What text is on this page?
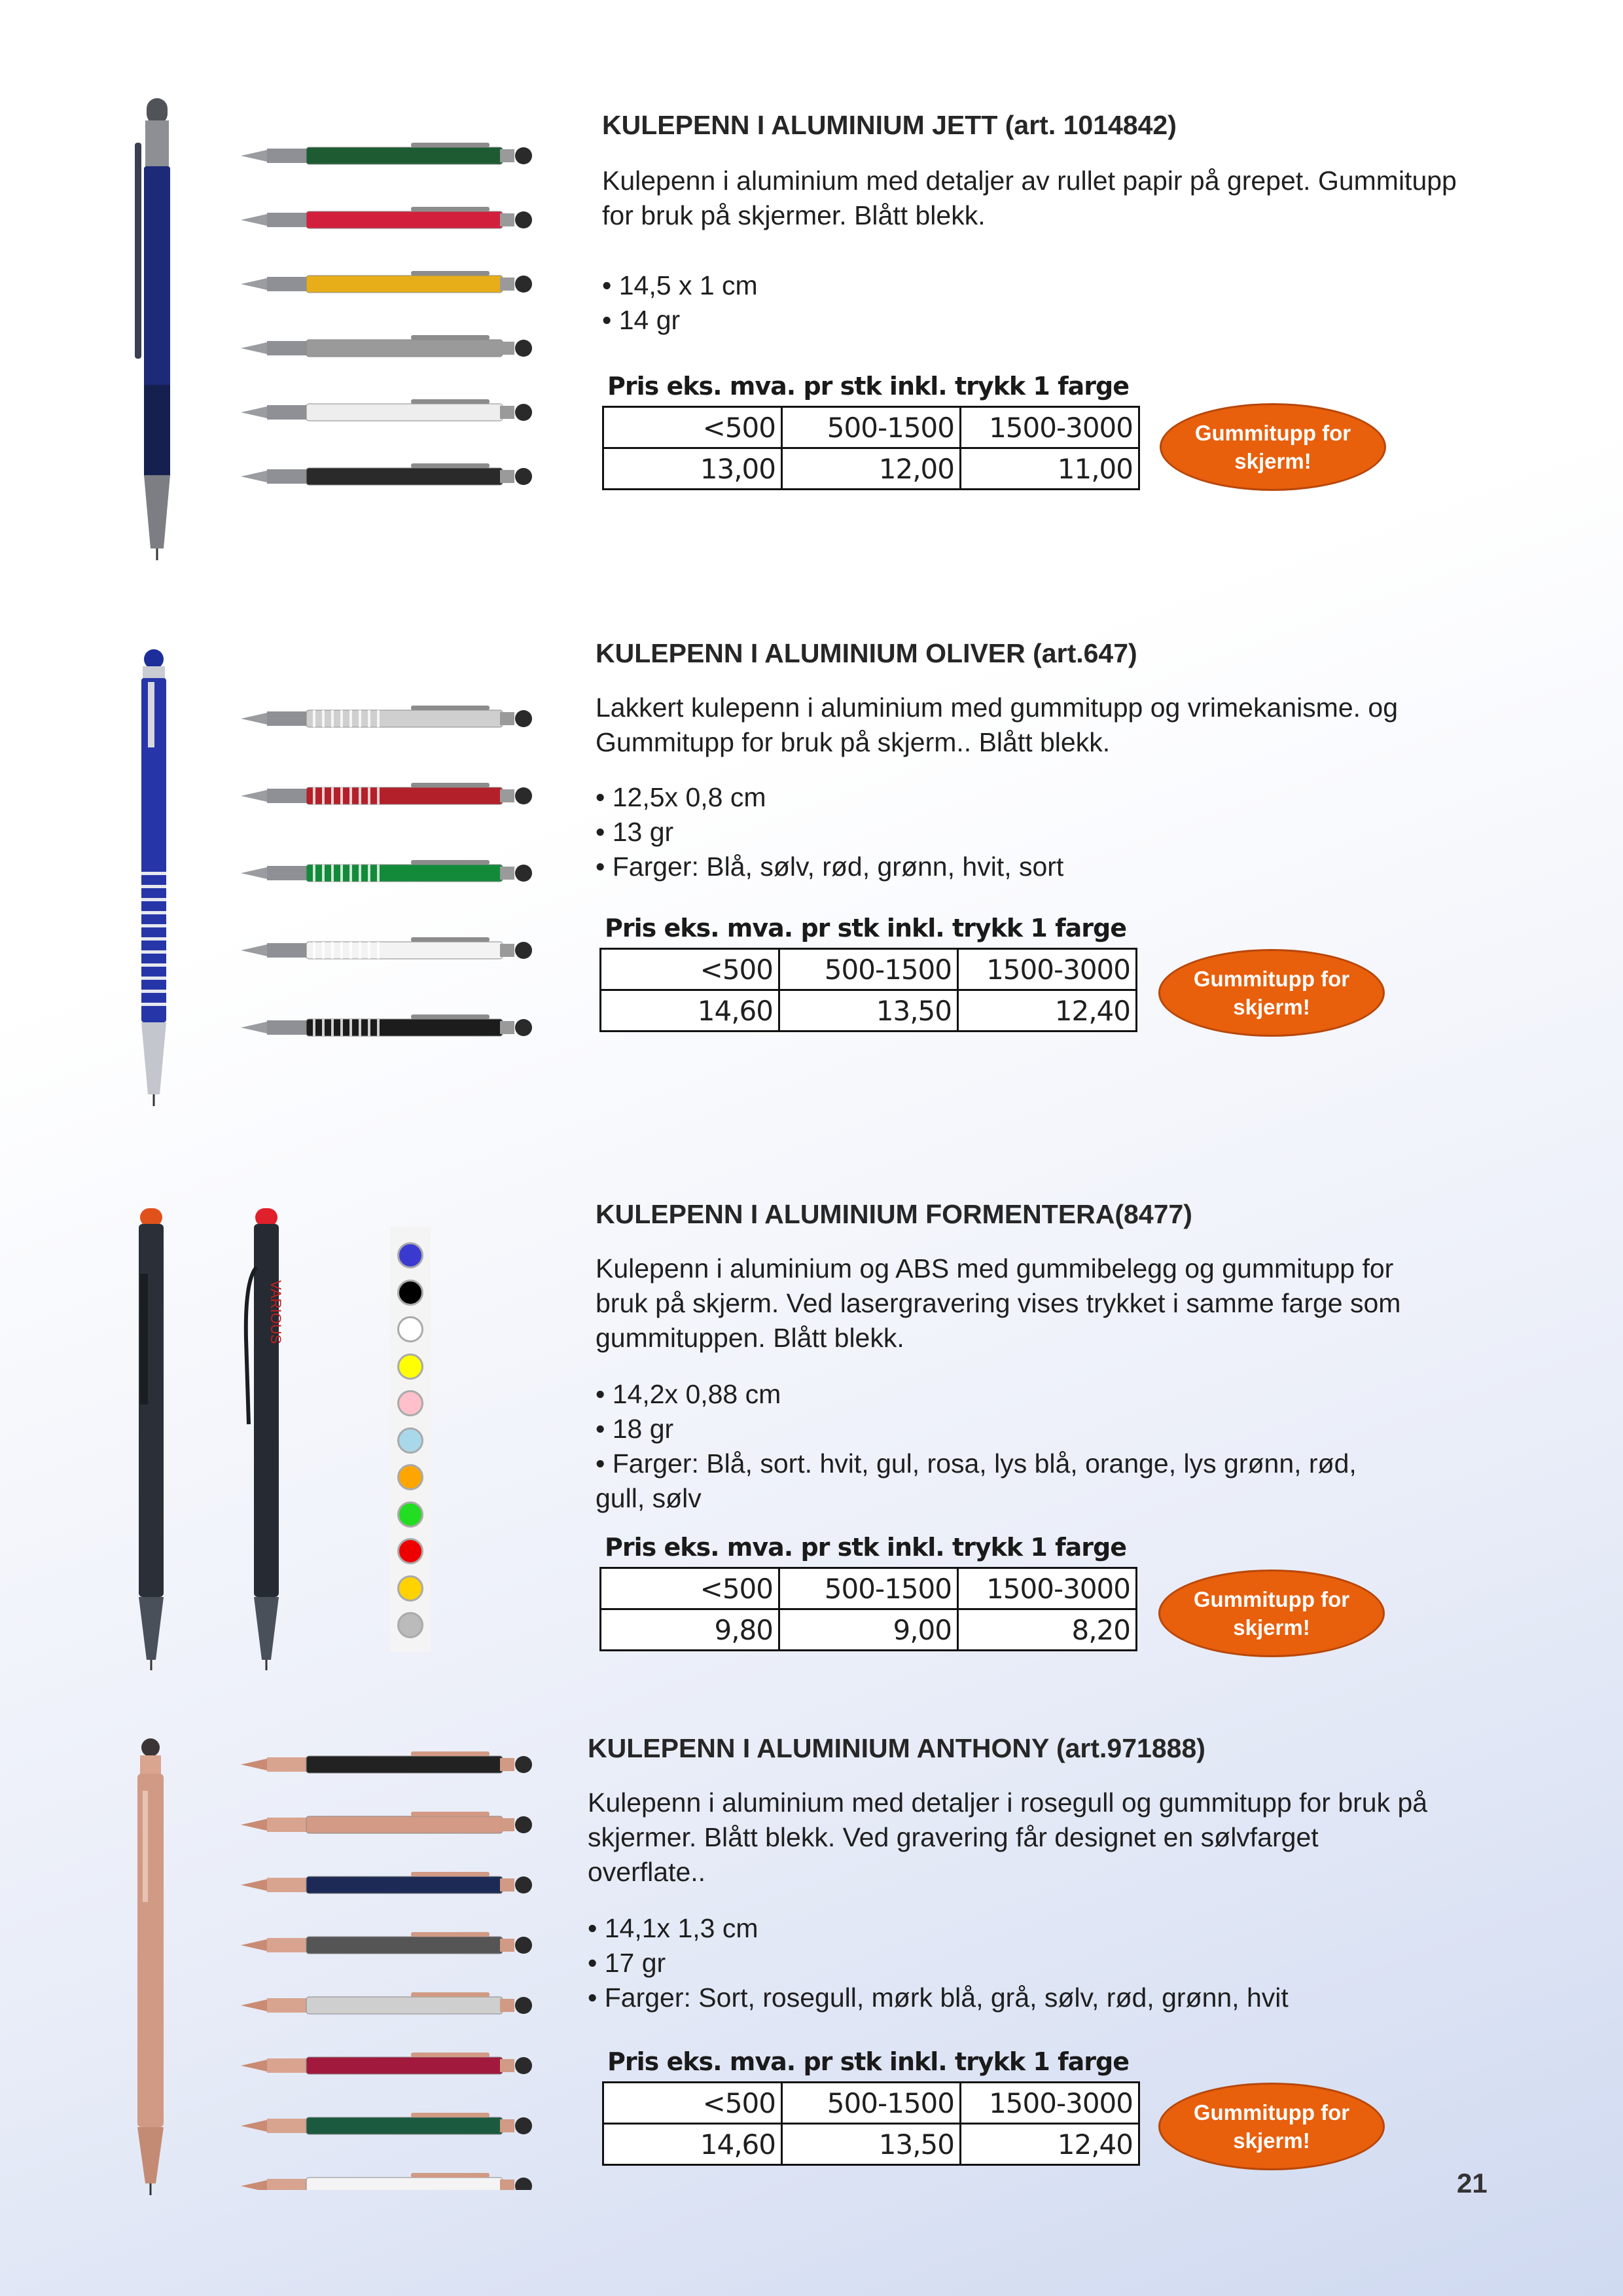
KULEPENN I ALUMINIUM JETT (art. 1014842)
Kulepenn i aluminium med detaljer av rullet papir på grepet. Gummitupp
for bruk på skjermer. Blått blekk.
• 14,5 x 1 cm
• 14 gr
Pris eks. mva. pr stk inkl. trykk 1 farge
<500	500-1500	1500-3000
13,00	12,00	11,00
Gummitupp for skjerm!
KULEPENN I ALUMINIUM OLIVER (art.647)
Lakkert kulepenn i aluminium med gummitupp og vrimekanisme. og
Gummitupp for bruk på skjerm.. Blått blekk.
• 12,5x 0,8 cm
• 13 gr
• Farger: Blå, sølv, rød, grønn, hvit, sort
Pris eks. mva. pr stk inkl. trykk 1 farge
<500	500-1500	1500-3000
14,60	13,50	12,40
Gummitupp for skjerm!
VARIOUS
KULEPENN I ALUMINIUM FORMENTERA(8477)
Kulepenn i aluminium og ABS med gummibelegg og gummitupp for
bruk på skjerm. Ved lasergravering vises trykket i samme farge som
gummituppen. Blått blekk.
• 14,2x 0,88 cm
• 18 gr
• Farger: Blå, sort. hvit, gul, rosa, lys blå, orange, lys grønn, rød,
gull, sølv
Pris eks. mva. pr stk inkl. trykk 1 farge
<500	500-1500	1500-3000
9,80	9,00	8,20
Gummitupp for skjerm!
KULEPENN I ALUMINIUM ANTHONY (art.971888)
Kulepenn i aluminium med detaljer i rosegull og gummitupp for bruk på
skjermer. Blått blekk. Ved gravering får designet en sølvfarget
overflate..
• 14,1x 1,3 cm
• 17 gr
• Farger: Sort, rosegull, mørk blå, grå, sølv, rød, grønn, hvit
Pris eks. mva. pr stk inkl. trykk 1 farge
<500	500-1500	1500-3000
14,60	13,50	12,40
Gummitupp for skjerm!
21
